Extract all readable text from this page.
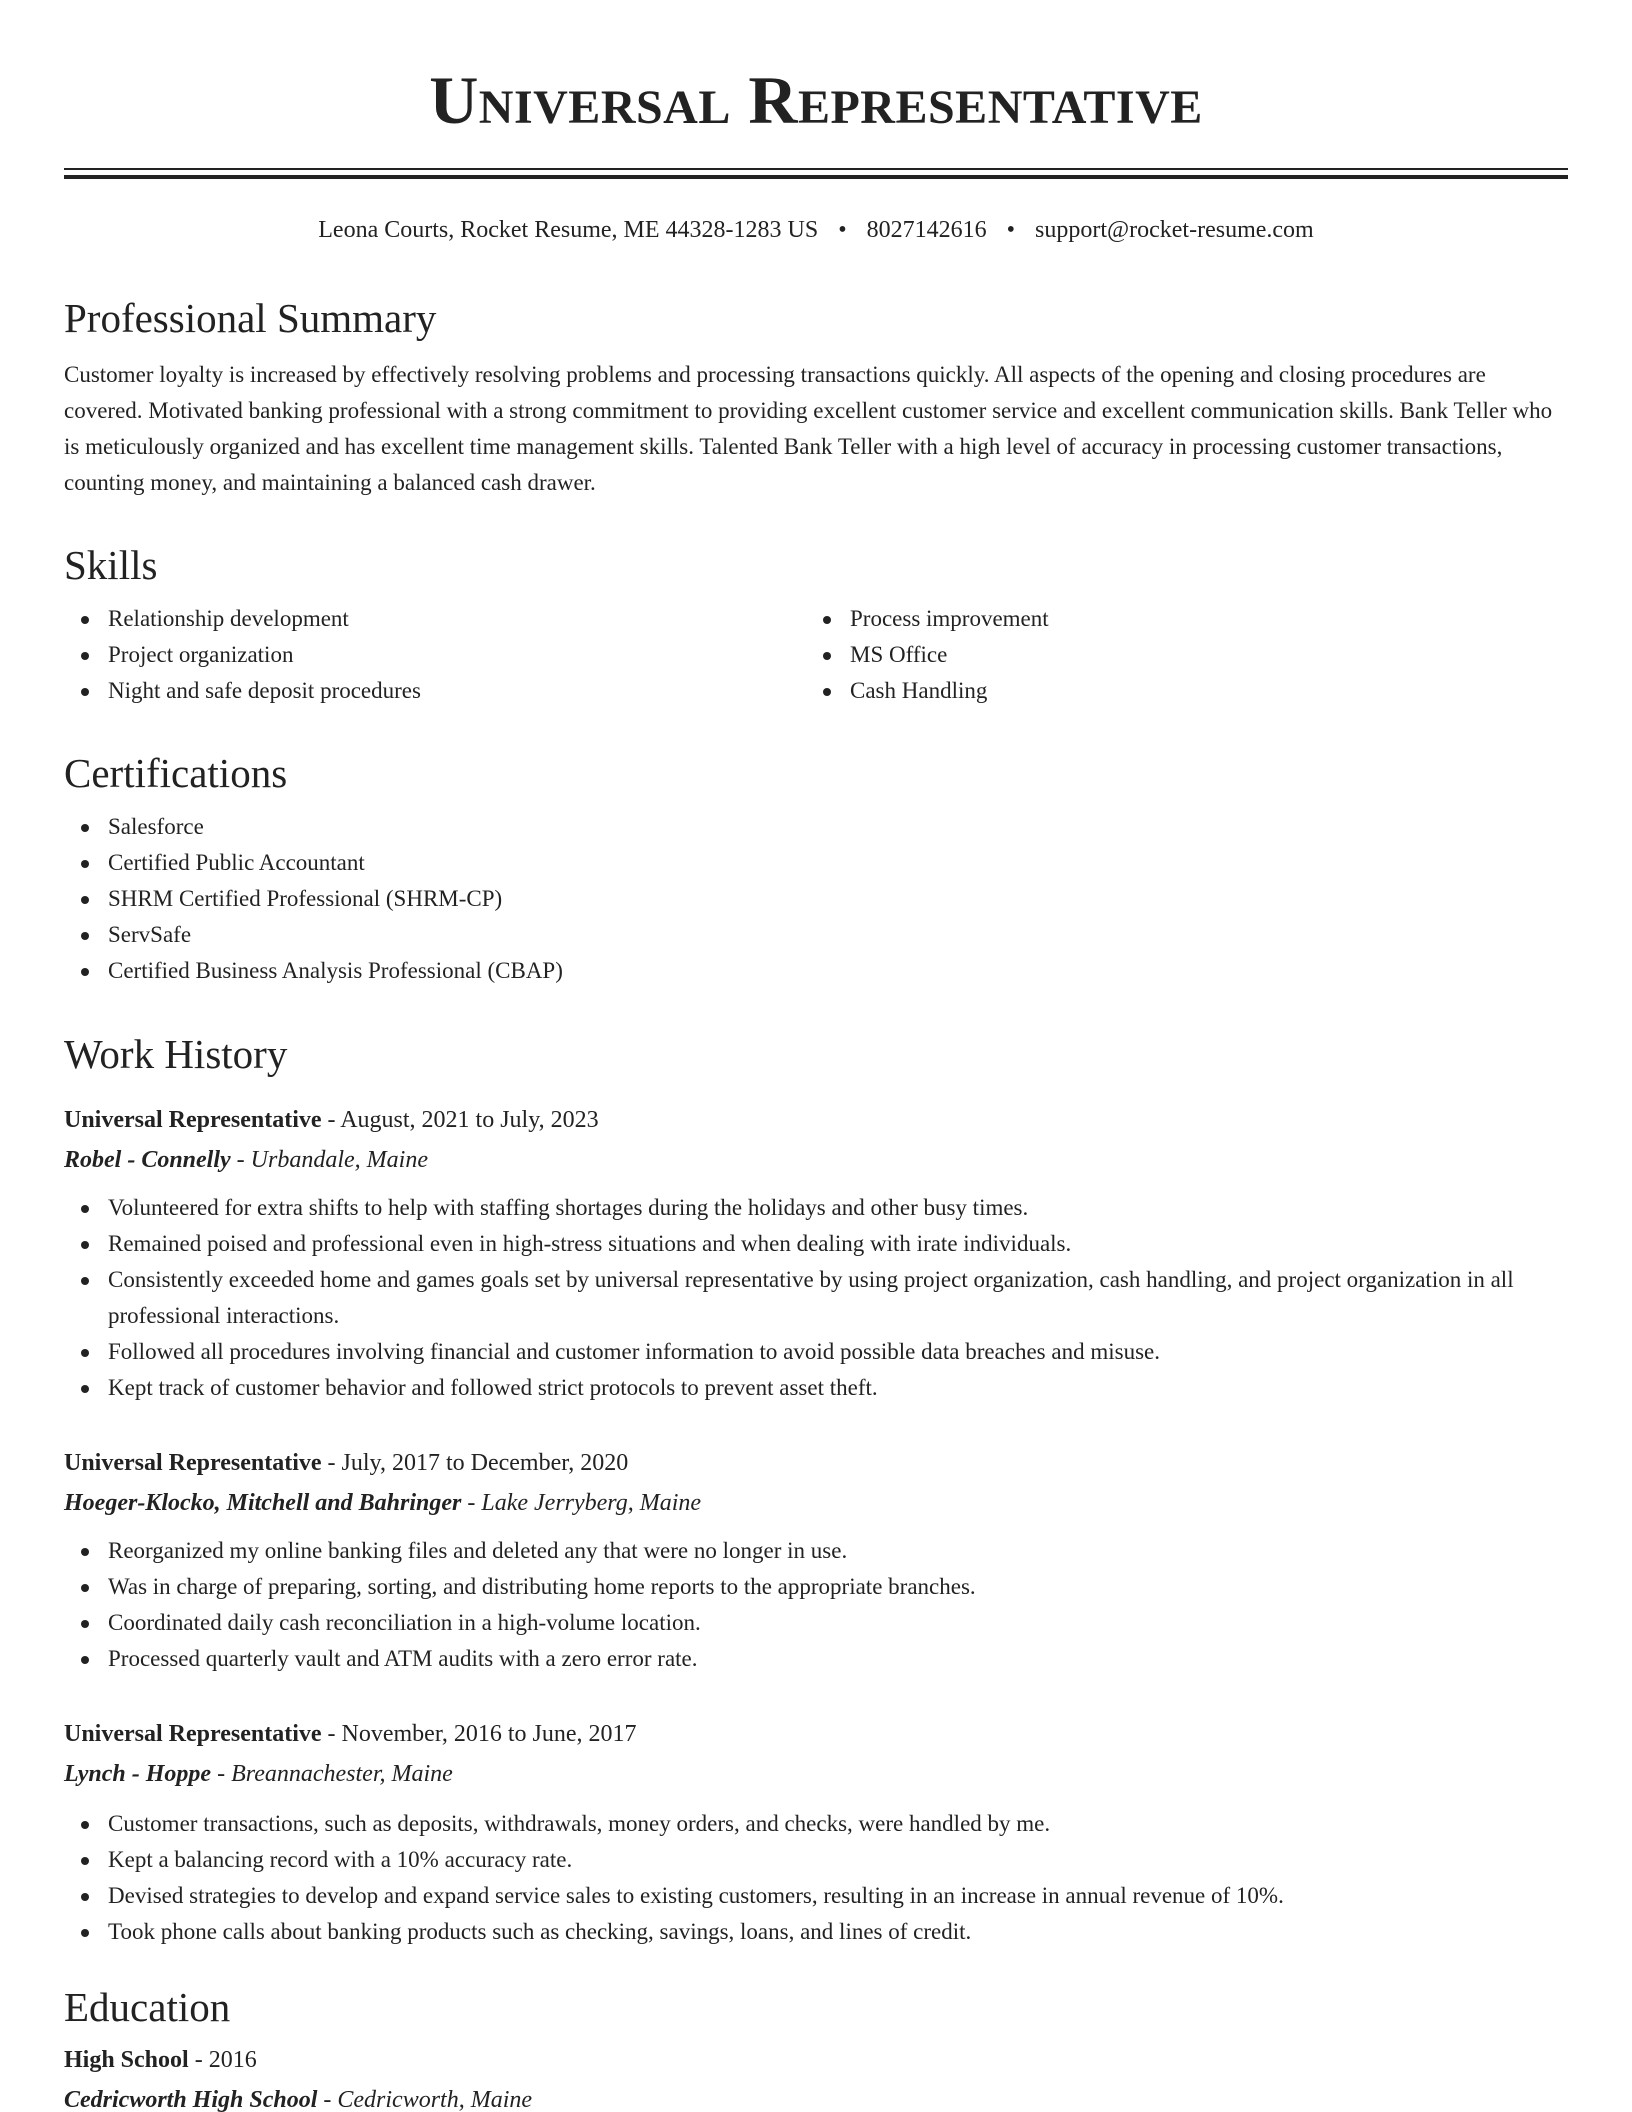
Universal Representative
Leona Courts, Rocket Resume, ME 44328-1283 US • 8027142616 • support@rocket-resume.com
Professional Summary

Customer loyalty is increased by effectively resolving problems and processing transactions quickly. All aspects of the opening and closing procedures are covered. Motivated banking professional with a strong commitment to providing excellent customer service and excellent communication skills. Bank Teller who is meticulously organized and has excellent time management skills. Talented Bank Teller with a high level of accuracy in processing customer transactions, counting money, and maintaining a balanced cash drawer.

Skills
Relationship development
Project organization
Night and safe deposit procedures
Process improvement
MS Office
Cash Handling
Certifications
Salesforce
Certified Public Accountant
SHRM Certified Professional (SHRM-CP)
ServSafe
Certified Business Analysis Professional (CBAP)
Work History
Universal Representative - August, 2021 to July, 2023
Robel - Connelly - Urbandale, Maine
Volunteered for extra shifts to help with staffing shortages during the holidays and other busy times.
Remained poised and professional even in high-stress situations and when dealing with irate individuals.
Consistently exceeded home and games goals set by universal representative by using project organization, cash handling, and project organization in all professional interactions.
Followed all procedures involving financial and customer information to avoid possible data breaches and misuse.
Kept track of customer behavior and followed strict protocols to prevent asset theft.
Universal Representative - July, 2017 to December, 2020
Hoeger-Klocko, Mitchell and Bahringer - Lake Jerryberg, Maine
Reorganized my online banking files and deleted any that were no longer in use.
Was in charge of preparing, sorting, and distributing home reports to the appropriate branches.
Coordinated daily cash reconciliation in a high-volume location.
Processed quarterly vault and ATM audits with a zero error rate.
Universal Representative - November, 2016 to June, 2017
Lynch - Hoppe - Breannachester, Maine
Customer transactions, such as deposits, withdrawals, money orders, and checks, were handled by me.
Kept a balancing record with a 10% accuracy rate.
Devised strategies to develop and expand service sales to existing customers, resulting in an increase in annual revenue of 10%.
Took phone calls about banking products such as checking, savings, loans, and lines of credit.
Education
High School - 2016
Cedricworth High School - Cedricworth, Maine
